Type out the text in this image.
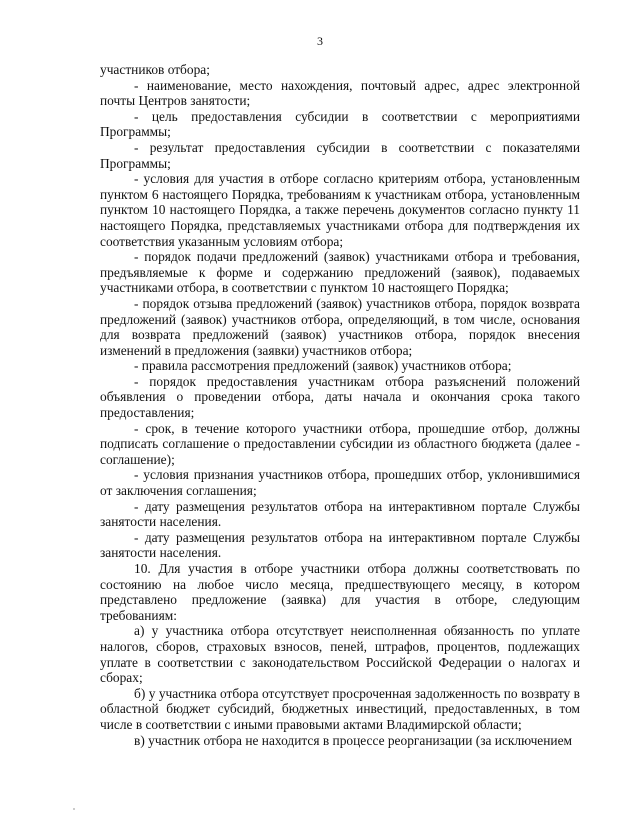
3

участников отбора;

- наименование, место нахождения, почтовый адрес, адрес электронной почты Центров занятости;

- цель предоставления субсидии в соответствии с мероприятиями Программы;

- результат предоставления субсидии в соответствии с показателями Программы;

- условия для участия в отборе согласно критериям отбора, установленным пунктом 6 настоящего Порядка, требованиям к участникам отбора, установленным пунктом 10 настоящего Порядка, а также перечень документов согласно пункту 11 настоящего Порядка, представляемых участниками отбора для подтверждения их соответствия указанным условиям отбора;

- порядок подачи предложений (заявок) участниками отбора и требования, предъявляемые к форме и содержанию предложений (заявок), подаваемых участниками отбора, в соответствии с пунктом 10 настоящего Порядка;

- порядок отзыва предложений (заявок) участников отбора, порядок возврата предложений (заявок) участников отбора, определяющий, в том числе, основания для возврата предложений (заявок) участников отбора, порядок внесения изменений в предложения (заявки) участников отбора;

- правила рассмотрения предложений (заявок) участников отбора;

- порядок предоставления участникам отбора разъяснений положений объявления о проведении отбора, даты начала и окончания срока такого предоставления;

- срок, в течение которого участники отбора, прошедшие отбор, должны подписать соглашение о предоставлении субсидии из областного бюджета (далее - соглашение);

- условия признания участников отбора, прошедших отбор, уклонившимися от заключения соглашения;

- дату размещения результатов отбора на интерактивном портале Службы занятости населения.

- дату размещения результатов отбора на интерактивном портале Службы занятости населения.

10. Для участия в отборе участники отбора должны соответствовать по состоянию на любое число месяца, предшествующего месяцу, в котором представлено предложение (заявка) для участия в отборе, следующим требованиям:

а) у участника отбора отсутствует неисполненная обязанность по уплате налогов, сборов, страховых взносов, пеней, штрафов, процентов, подлежащих уплате в соответствии с законодательством Российской Федерации о налогах и сборах;

б) у участника отбора отсутствует просроченная задолженность по возврату в областной бюджет субсидий, бюджетных инвестиций, предоставленных, в том числе в соответствии с иными правовыми актами Владимирской области;

в) участник отбора не находится в процессе реорганизации (за исключением
